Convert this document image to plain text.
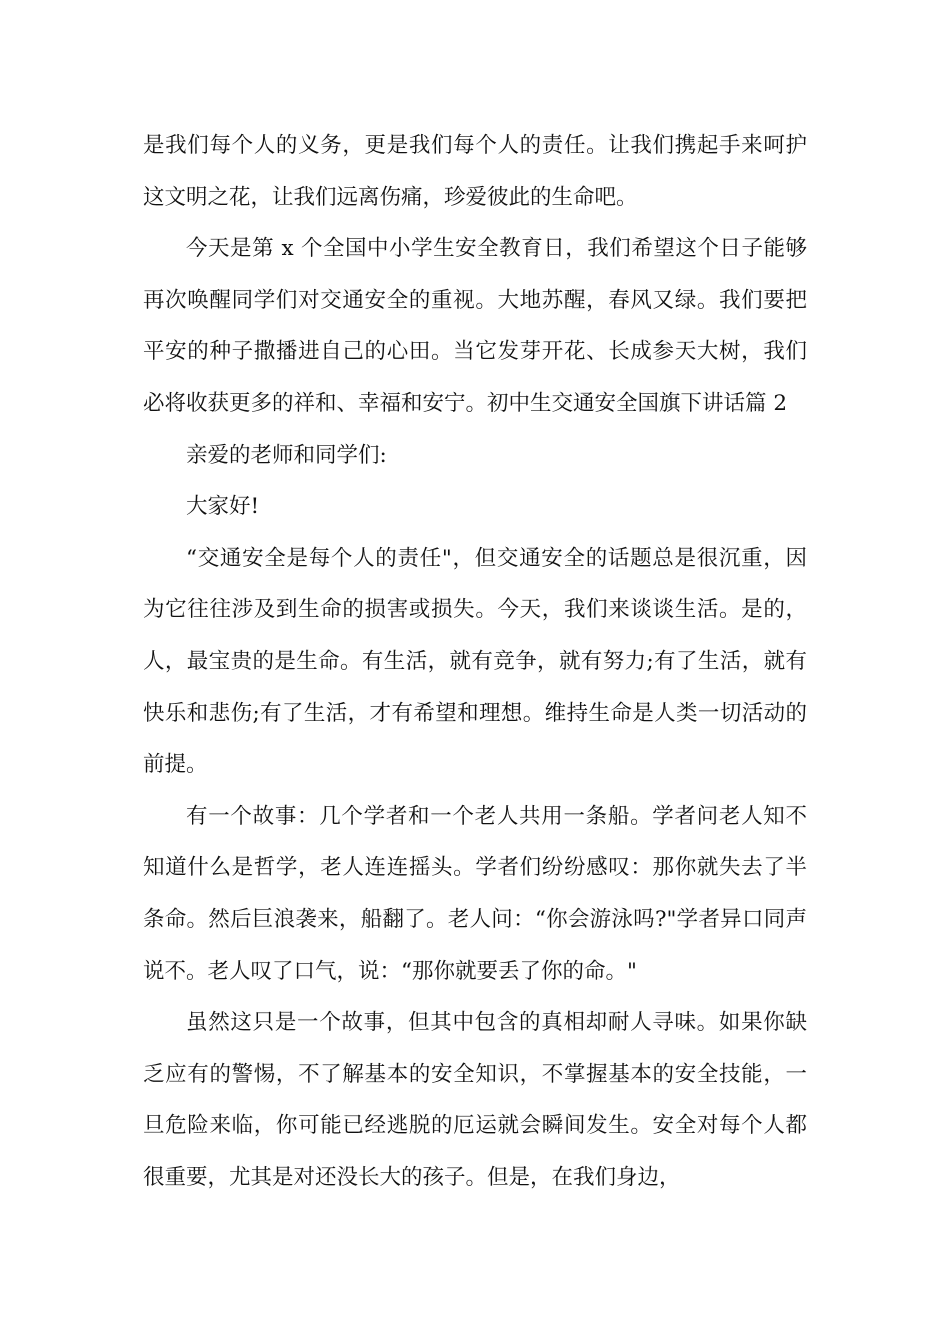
是我们每个人的义务，更是我们每个人的责任。让我们携起手来呵护这文明之花，让我们远离伤痛，珍爱彼此的生命吧。

今天是第 x 个全国中小学生安全教育日，我们希望这个日子能够再次唤醒同学们对交通安全的重视。大地苏醒，春风又绿。我们要把平安的种子撒播进自己的心田。当它发芽开花、长成参天大树，我们必将收获更多的祥和、幸福和安宁。初中生交通安全国旗下讲话篇 2

亲爱的老师和同学们:

大家好!

“交通安全是每个人的责任"，但交通安全的话题总是很沉重，因为它往往涉及到生命的损害或损失。今天，我们来谈谈生活。是的，人，最宝贵的是生命。有生活，就有竞争，就有努力;有了生活，就有快乐和悲伤;有了生活，才有希望和理想。维持生命是人类一切活动的前提。

有一个故事：几个学者和一个老人共用一条船。学者问老人知不知道什么是哲学，老人连连摇头。学者们纷纷感叹：那你就失去了半条命。然后巨浪袭来，船翻了。老人问：“你会游泳吗?"学者异口同声说不。老人叹了口气，说：“那你就要丢了你的命。"

虽然这只是一个故事，但其中包含的真相却耐人寻味。如果你缺乏应有的警惕，不了解基本的安全知识，不掌握基本的安全技能，一旦危险来临，你可能已经逃脱的厄运就会瞬间发生。安全对每个人都很重要，尤其是对还没长大的孩子。但是，在我们身边，
